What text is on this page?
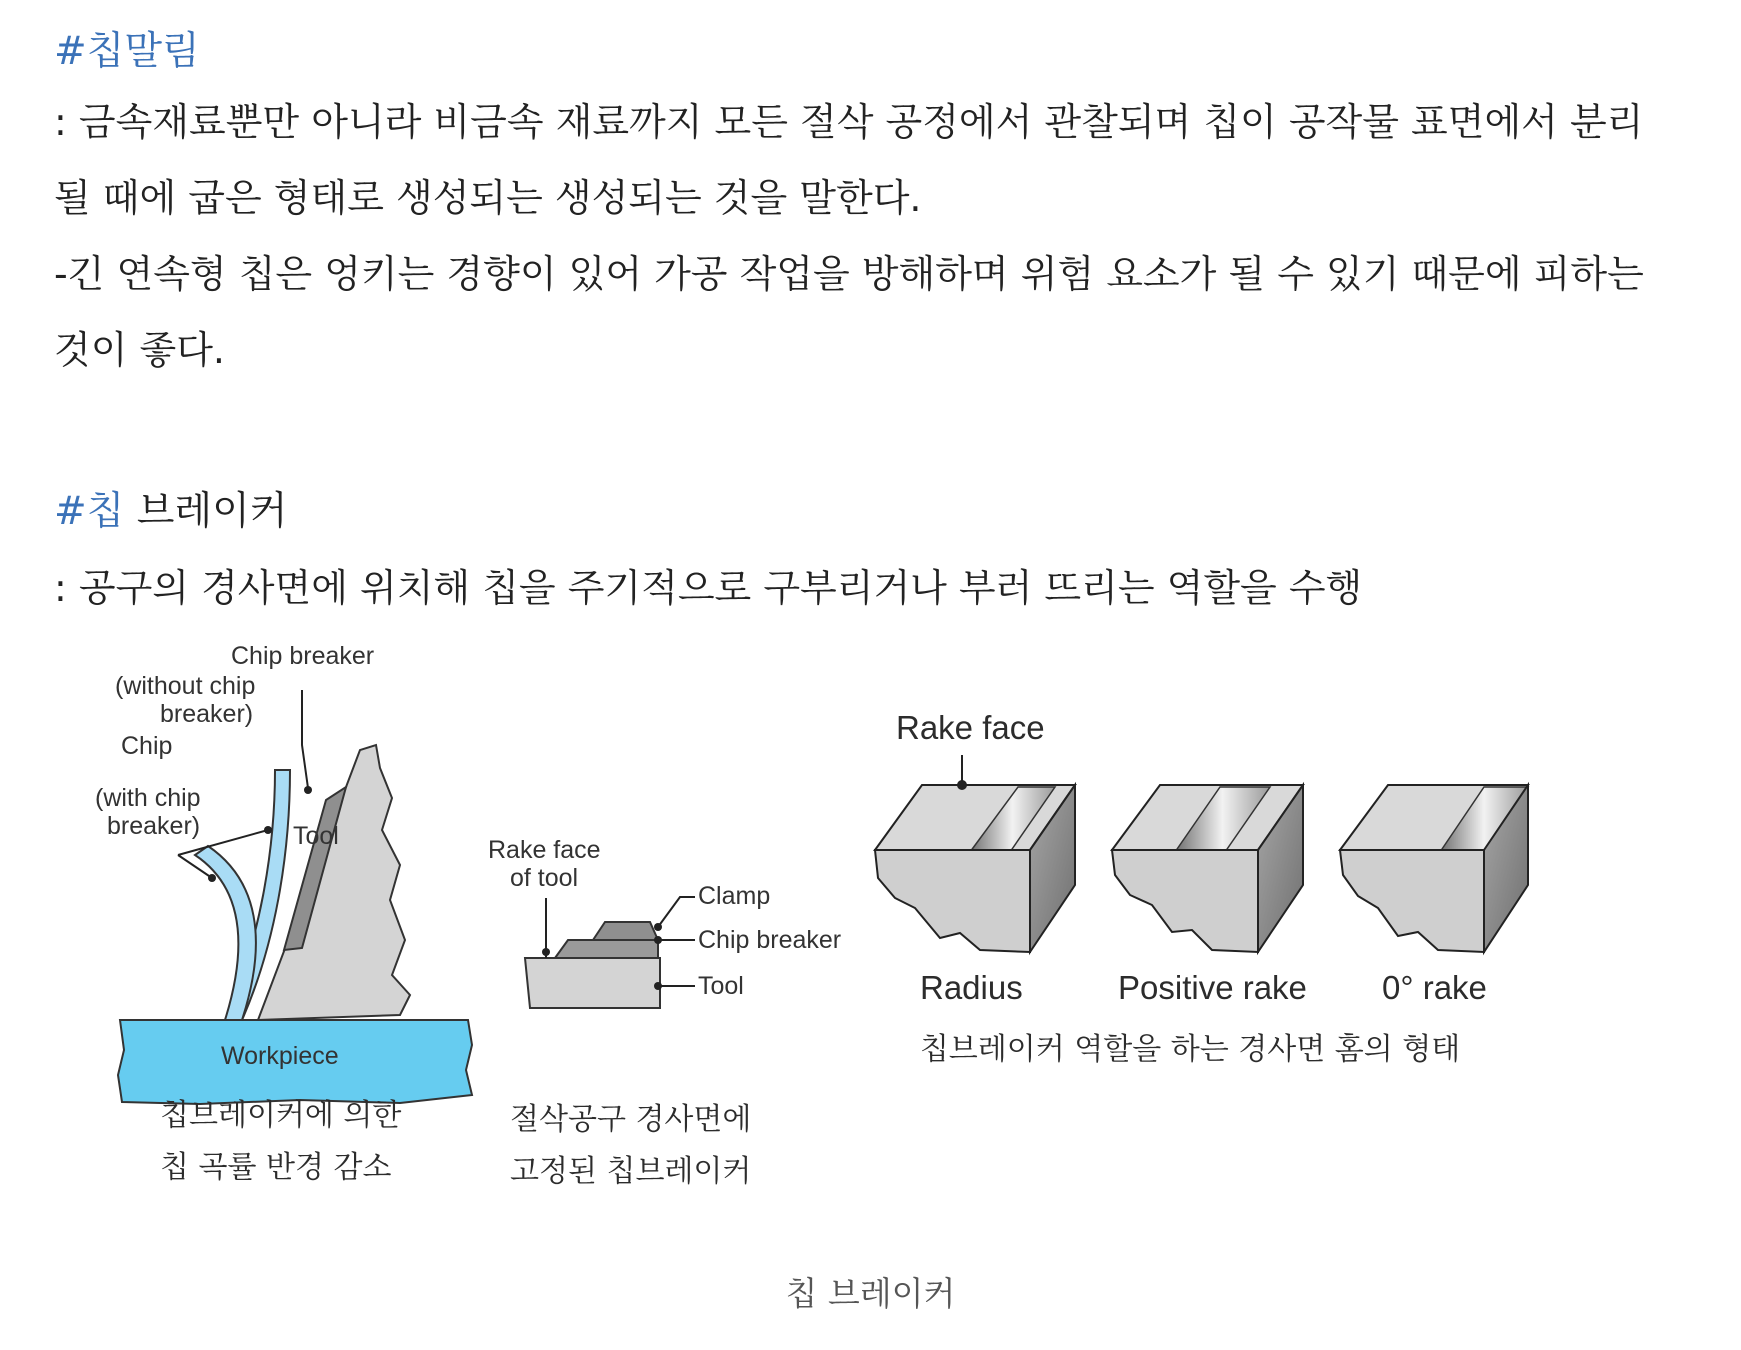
#칩말림
: 금속재료뿐만 아니라 비금속 재료까지 모든 절삭 공정에서 관찰되며 칩이 공작물 표면에서 분리
될 때에 굽은 형태로 생성되는 생성되는 것을 말한다.
-긴 연속형 칩은 엉키는 경향이 있어 가공 작업을 방해하며 위험 요소가 될 수 있기 때문에 피하는
것이 좋다.
#칩 브레이커
: 공구의 경사면에 위치해 칩을 주기적으로 구부리거나 부러 뜨리는 역할을 수행
Chip breaker
(without chip
breaker)
Chip
(with chip
breaker)	Tool
Workpiece
칩브레이커에 의한
칩 곡률 반경 감소
Rake face
of tool
Clamp
Chip breaker
Tool
절삭공구 경사면에
고정된 칩브레이커
Rake face
Radius	Positive rake 0° rake
칩브레이커 역할을 하는 경사면 홈의 형태
칩 브레이커
